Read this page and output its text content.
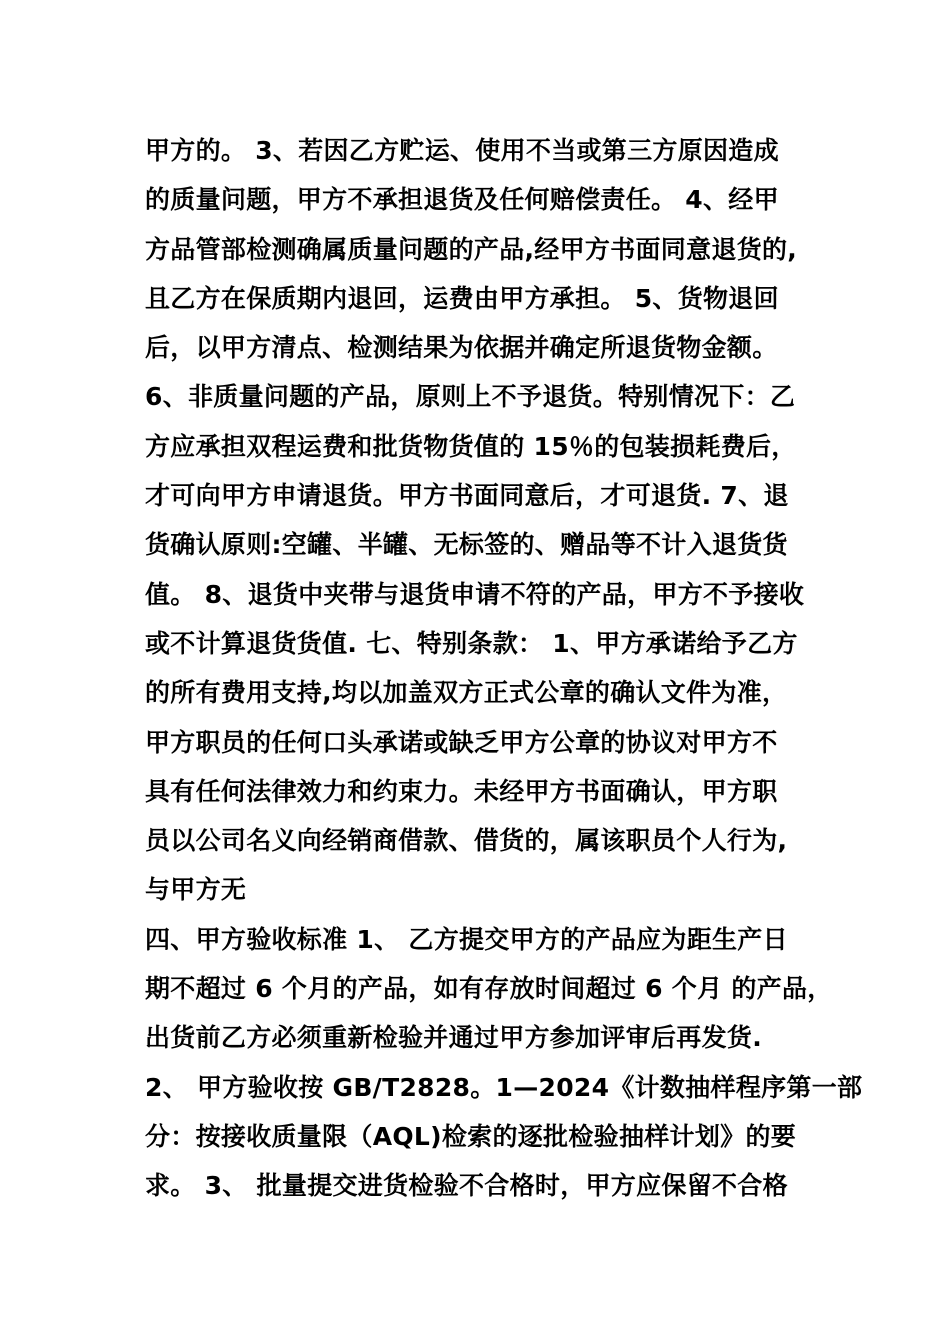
甲方的。 3、若因乙方贮运、使用不当或第三方原因造成
的质量问题，甲方不承担退货及任何赔偿责任。 4、经甲
方品管部检测确属质量问题的产品,经甲方书面同意退货的,
且乙方在保质期内退回，运费由甲方承担。 5、货物退回
后，以甲方清点、检测结果为依据并确定所退货物金额。
6、非质量问题的产品，原则上不予退货。特别情况下：乙
方应承担双程运费和批货物货值的 15％的包装损耗费后，
才可向甲方申请退货。甲方书面同意后，才可退货. 7、退
货确认原则:空罐、半罐、无标签的、赠品等不计入退货货
值。 8、退货中夹带与退货申请不符的产品，甲方不予接收
或不计算退货货值. 七、特别条款： 1、甲方承诺给予乙方
的所有费用支持,均以加盖双方正式公章的确认文件为准，
甲方职员的任何口头承诺或缺乏甲方公章的协议对甲方不
具有任何法律效力和约束力。未经甲方书面确认，甲方职
员以公司名义向经销商借款、借货的，属该职员个人行为,
与甲方无
四、甲方验收标准 1、 乙方提交甲方的产品应为距生产日
期不超过 6 个月的产品，如有存放时间超过 6 个月 的产品，
出货前乙方必须重新检验并通过甲方参加评审后再发货.
2、 甲方验收按 GB/T2828。1—2024《计数抽样程序第一部
分：按接收质量限（AQL)检索的逐批检验抽样计划》的要
求。 3、 批量提交进货检验不合格时，甲方应保留不合格
